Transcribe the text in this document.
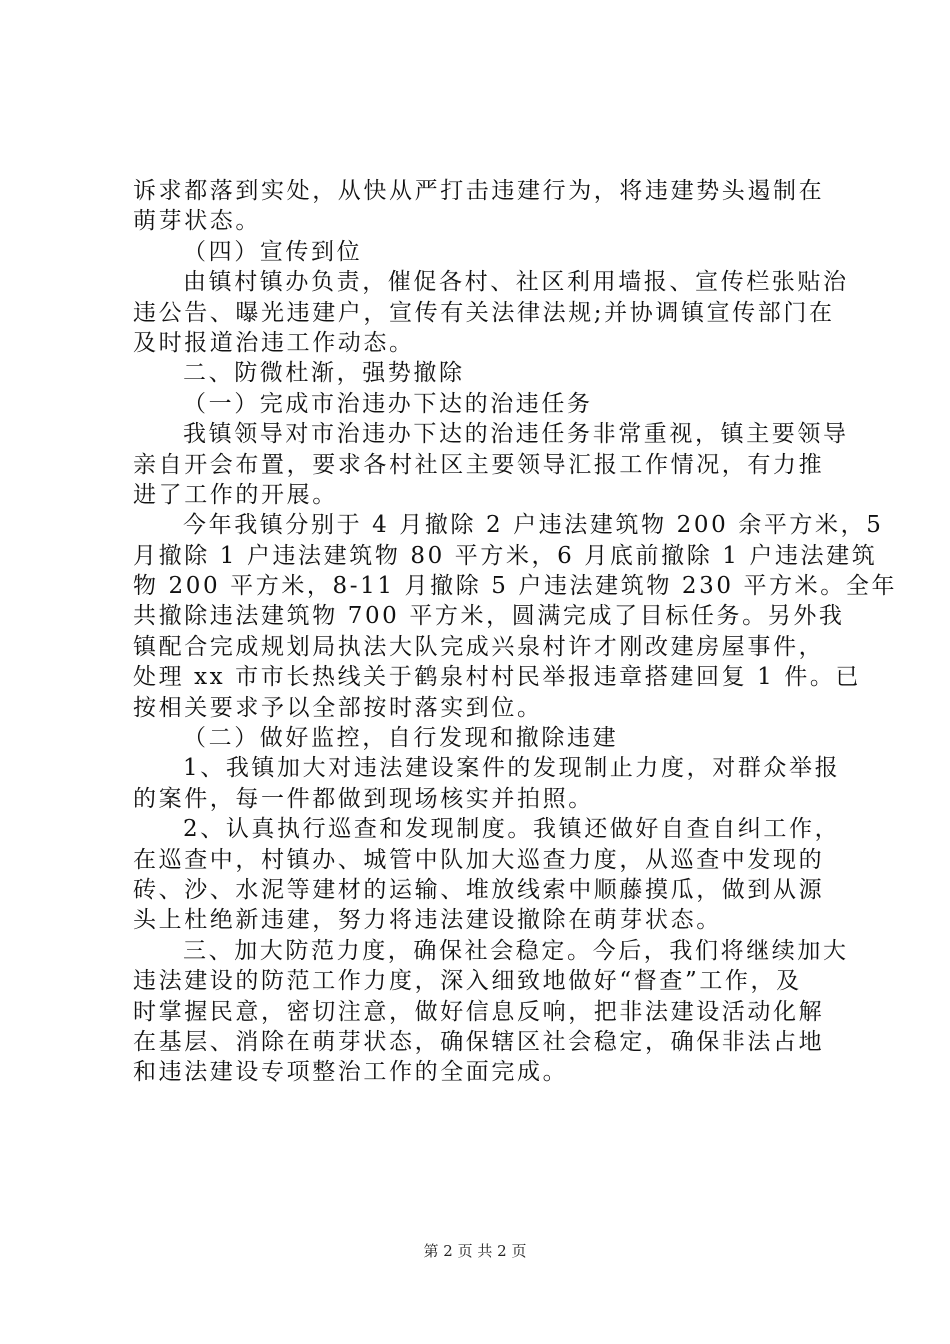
诉求都落到实处，从快从严打击违建行为，将违建势头遏制在
萌芽状态。
（四）宣传到位
由镇村镇办负责，催促各村、社区利用墙报、宣传栏张贴治
违公告、曝光违建户，宣传有关法律法规;并协调镇宣传部门在
及时报道治违工作动态。
二、防微杜渐，强势撤除
（一）完成市治违办下达的治违任务
我镇领导对市治违办下达的治违任务非常重视，镇主要领导
亲自开会布置，要求各村社区主要领导汇报工作情况，有力推
进了工作的开展。
今年我镇分别于 4 月撤除 2 户违法建筑物 200 余平方米，5
月撤除 1 户违法建筑物 80 平方米，6 月底前撤除 1 户违法建筑
物 200 平方米，8-11 月撤除 5 户违法建筑物 230 平方米。全年
共撤除违法建筑物 700 平方米，圆满完成了目标任务。另外我
镇配合完成规划局执法大队完成兴泉村许才刚改建房屋事件，
处理 xx 市市长热线关于鹤泉村村民举报违章搭建回复 1 件。已
按相关要求予以全部按时落实到位。
（二）做好监控，自行发现和撤除违建
1、我镇加大对违法建设案件的发现制止力度，对群众举报
的案件，每一件都做到现场核实并拍照。
2、认真执行巡查和发现制度。我镇还做好自查自纠工作，
在巡查中，村镇办、城管中队加大巡查力度，从巡查中发现的
砖、沙、水泥等建材的运输、堆放线索中顺藤摸瓜，做到从源
头上杜绝新违建，努力将违法建设撤除在萌芽状态。
三、加大防范力度，确保社会稳定。今后，我们将继续加大
违法建设的防范工作力度，深入细致地做好“督查”工作，及
时掌握民意，密切注意，做好信息反响，把非法建设活动化解
在基层、消除在萌芽状态，确保辖区社会稳定，确保非法占地
和违法建设专项整治工作的全面完成。
第 2 页 共 2 页
